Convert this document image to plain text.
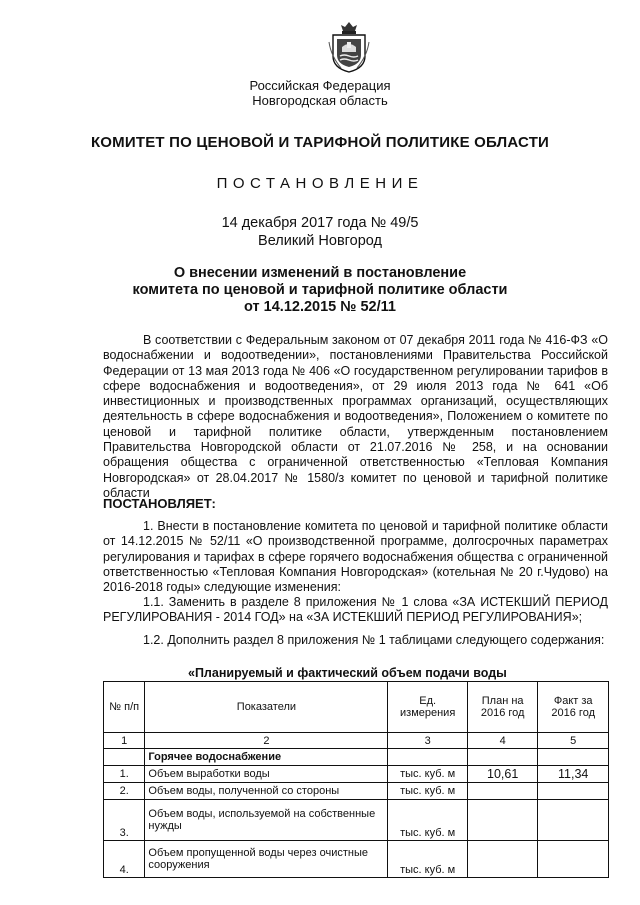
Российская Федерация
Новгородская область
КОМИТЕТ ПО ЦЕНОВОЙ И ТАРИФНОЙ ПОЛИТИКЕ ОБЛАСТИ
ПОСТАНОВЛЕНИЕ
14 декабря 2017 года № 49/5
Великий Новгород
О внесении изменений в постановление
комитета по ценовой и тарифной политике области
от 14.12.2015 № 52/11

В соответствии с Федеральным законом от 07 декабря 2011 года № 416-ФЗ «О водоснабжении и водоотведении», постановлениями Правительства Российской Федерации от 13 мая 2013 года № 406 «О государственном регулировании тарифов в сфере водоснабжения и водоотведения», от 29 июля 2013 года № 641 «Об инвестиционных и производственных программах организаций, осуществляющих деятельность в сфере водоснабжения и водоотведения», Положением о комитете по ценовой и тарифной политике области, утвержденным постановлением Правительства Новгородской области от 21.07.2016 № 258, и на основании обращения общества с ограниченной ответственностью «Тепловая Компания Новгородская» от 28.04.2017 № 1580/з комитет по ценовой и тарифной политике области

ПОСТАНОВЛЯЕТ:

1. Внести в постановление комитета по ценовой и тарифной политике области от 14.12.2015 № 52/11 «О производственной программе, долгосрочных параметрах регулирования и тарифах в сфере горячего водоснабжения общества с ограниченной ответственностью «Тепловая Компания Новгородская» (котельная № 20 г.Чудово) на 2016-2018 годы» следующие изменения:

1.1. Заменить в разделе 8 приложения № 1 слова «ЗА ИСТЕКШИЙ ПЕРИОД РЕГУЛИРОВАНИЯ - 2014 ГОД» на «ЗА ИСТЕКШИЙ ПЕРИОД РЕГУЛИРОВАНИЯ»;

1.2. Дополнить раздел 8 приложения № 1 таблицами следующего содержания:

«Планируемый и фактический объем подачи воды
№ п/п	Показатели	Ед. измерения	План на 2016 год	Факт за 2016 год
1	2	3	4	5
	Горячее водоснабжение			
1.	Объем выработки воды	тыс. куб. м	10,61	11,34
2.	Объем воды, полученной со стороны	тыс. куб. м		
3.	Объем воды, используемой на собственные нужды	тыс. куб. м		
4.	Объем пропущенной воды через очистные сооружения	тыс. куб. м		
